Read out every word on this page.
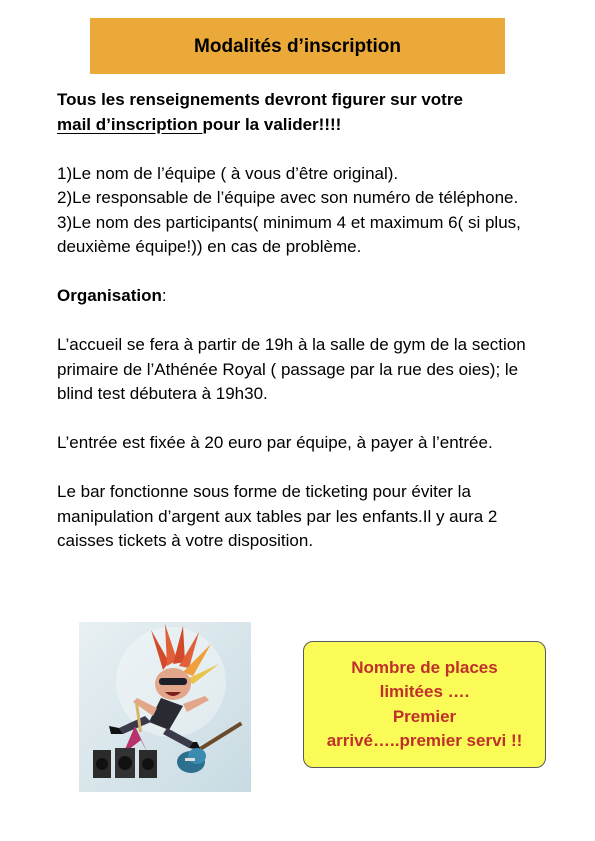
Modalités d’inscription

Tous les renseignements devront figurer sur votre
mail d’inscription pour la valider!!!!

1)Le nom de l’équipe ( à vous d’être original).

2)Le responsable de l’équipe avec son numéro de téléphone.

3)Le nom des participants( minimum 4 et maximum 6( si plus, deuxième équipe!)) en cas de problème.

Organisation:

L’accueil se fera à partir de 19h à la salle de gym de la section primaire de l’Athénée Royal ( passage par la rue des oies); le blind test débutera à 19h30.

L’entrée est fixée à 20 euro par équipe, à payer à l’entrée.

Le bar fonctionne sous forme de ticketing pour éviter la manipulation d’argent aux tables par les enfants.Il y aura 2 caisses tickets à votre disposition.

Nombre de places
limitées ….
Premier
arrivé…..premier servi !!
